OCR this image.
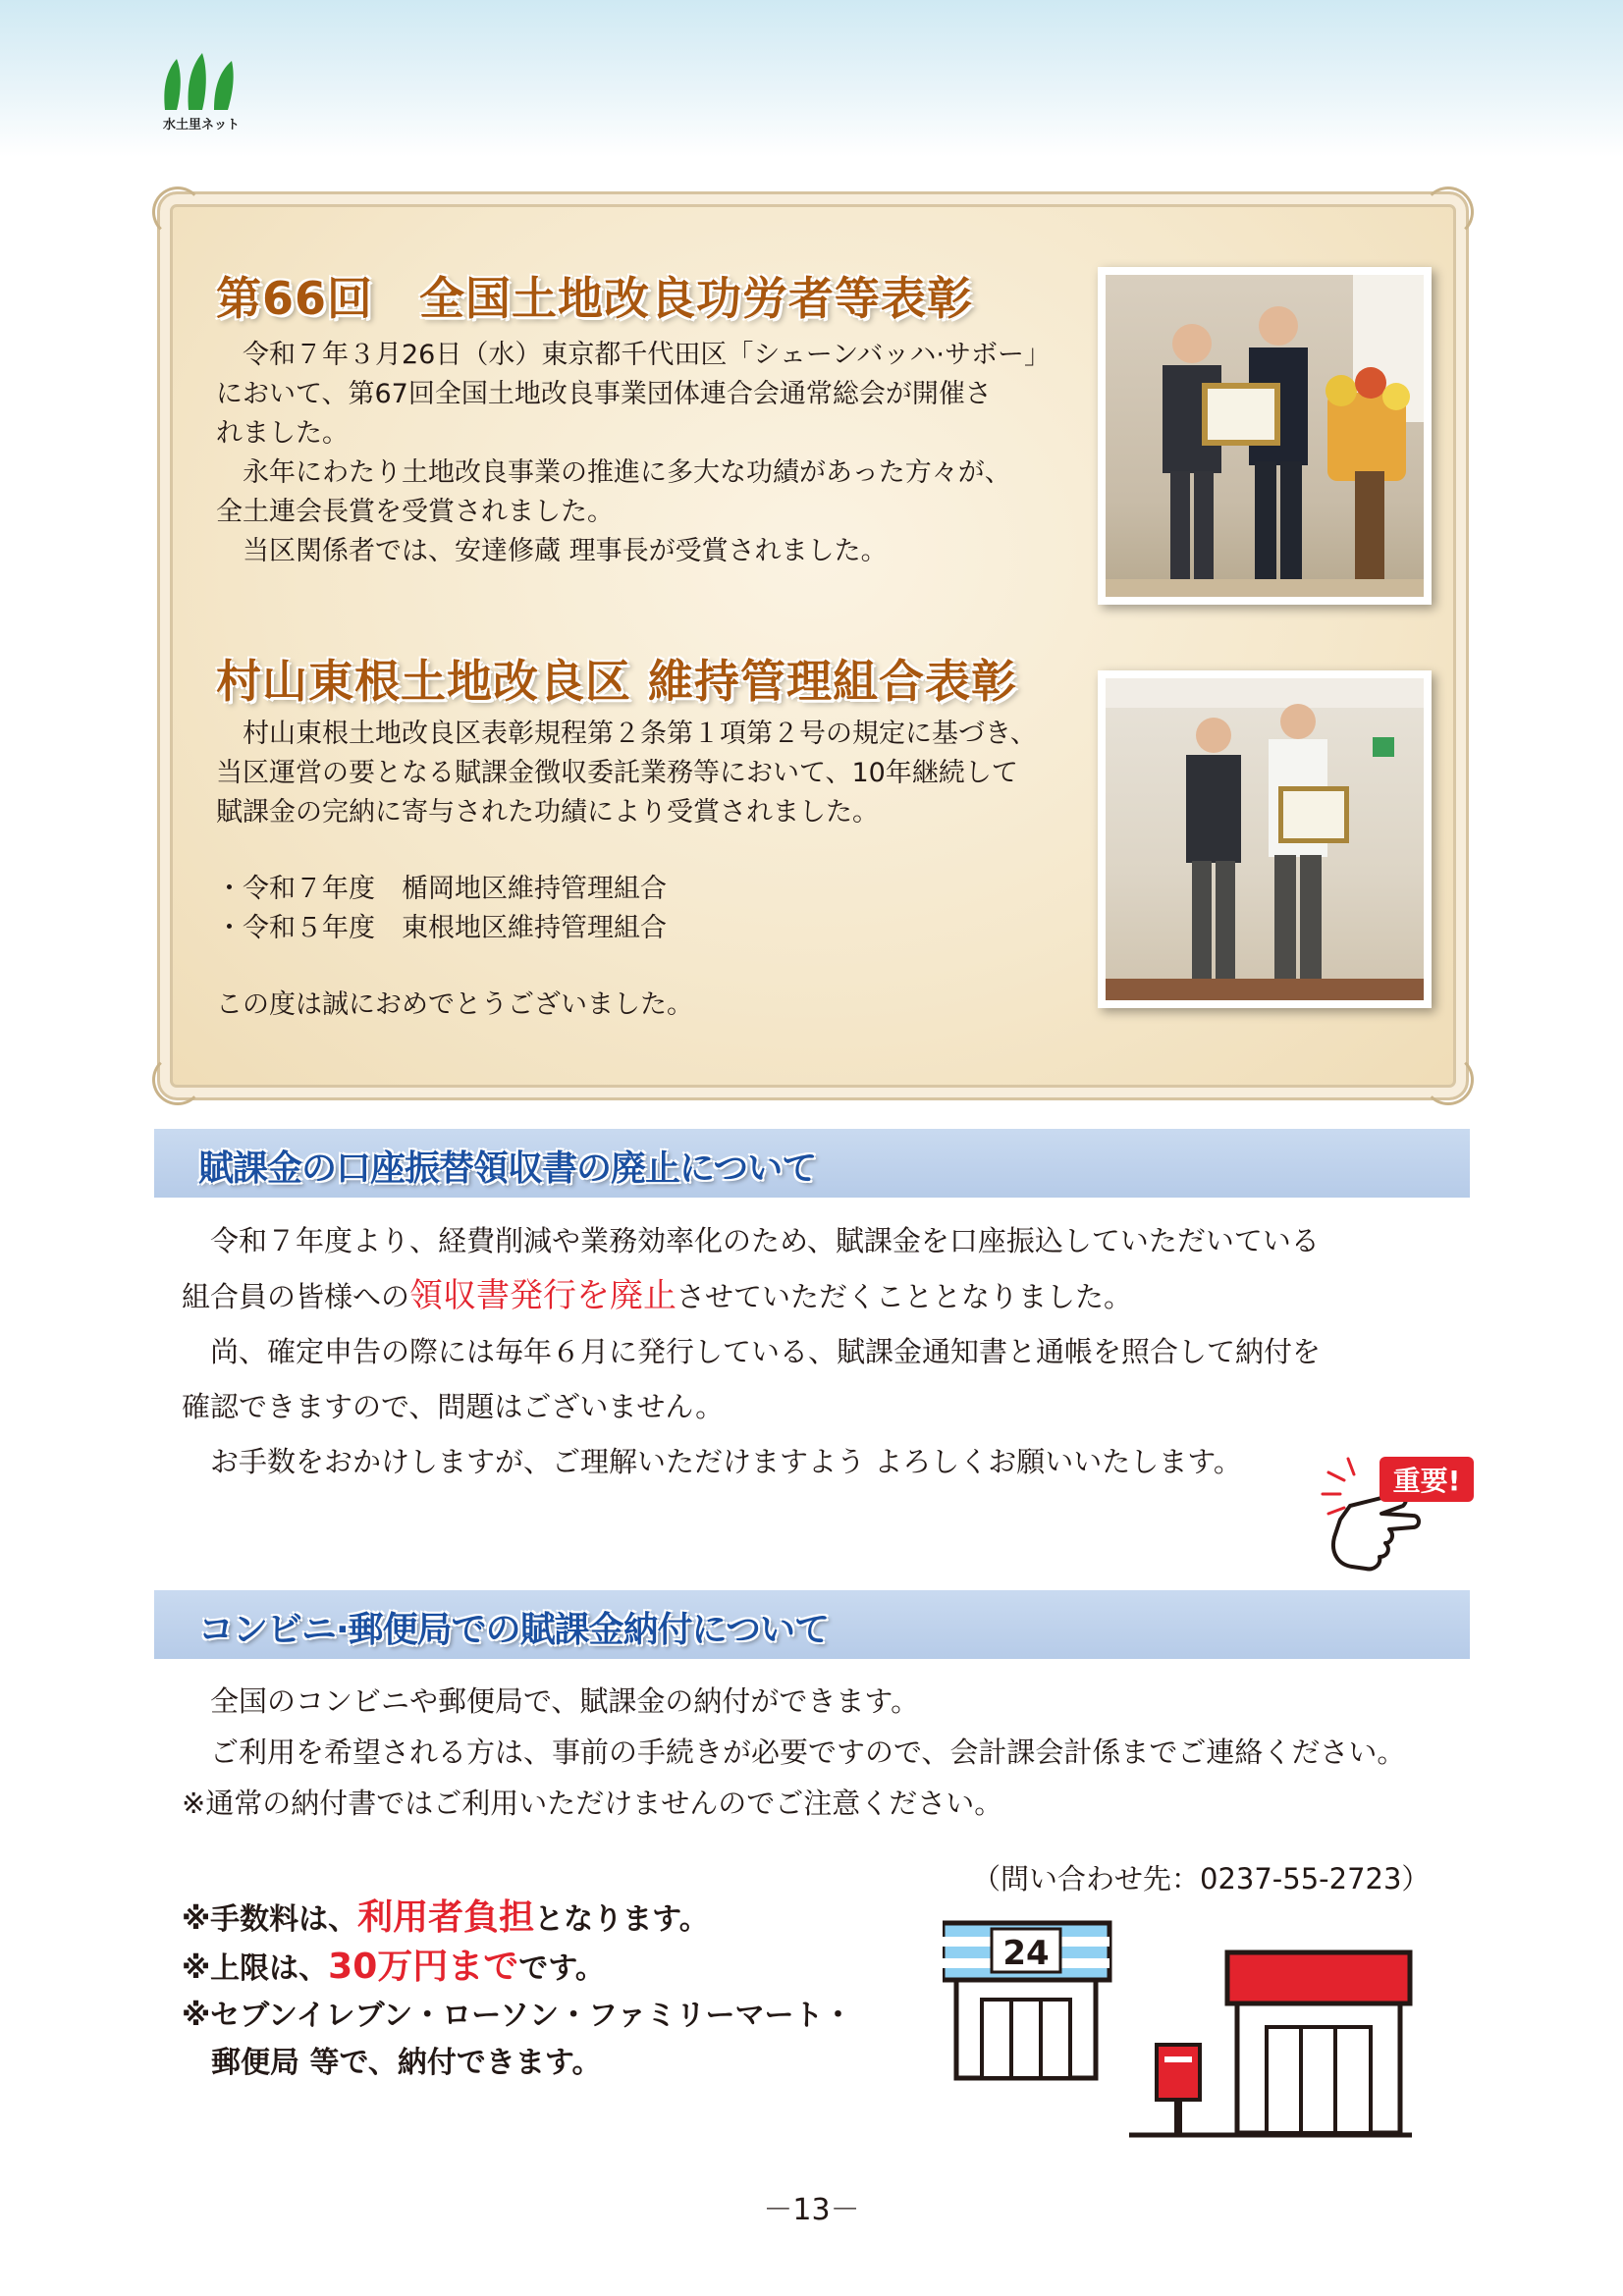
水土里ネット
第66回　全国土地改良功労者等表彰

令和７年３月26日（水）東京都千代田区「シェーンバッハ·サボー」

において、第67回全国土地改良事業団体連合会通常総会が開催さ

れました。

永年にわたり土地改良事業の推進に多大な功績があった方々が、

全土連会長賞を受賞されました。

当区関係者では、安達修蔵 理事長が受賞されました。

村山東根土地改良区 維持管理組合表彰

村山東根土地改良区表彰規程第２条第１項第２号の規定に基づき、

当区運営の要となる賦課金徴収委託業務等において、10年継続して

賦課金の完納に寄与された功績により受賞されました。

・令和７年度　楯岡地区維持管理組合

・令和５年度　東根地区維持管理組合

この度は誠におめでとうございました。

賦課金の口座振替領収書の廃止について

令和７年度より、経費削減や業務効率化のため、賦課金を口座振込していただいている

組合員の皆様への領収書発行を廃止させていただくこととなりました。

尚、確定申告の際には毎年６月に発行している、賦課金通知書と通帳を照合して納付を

確認できますので、問題はございません。

お手数をおかけしますが、ご理解いただけますよう よろしくお願いいたします。

重要!
コンビニ·郵便局での賦課金納付について

全国のコンビニや郵便局で、賦課金の納付ができます。

ご利用を希望される方は、事前の手続きが必要ですので、会計課会計係までご連絡ください。

※通常の納付書ではご利用いただけませんのでご注意ください。

（問い合わせ先：0237-55-2723）

※手数料は、利用者負担となります。

※上限は、30万円までです。

※セブンイレブン・ローソン・ファミリーマート・

郵便局 等で、納付できます。

24
－13－
